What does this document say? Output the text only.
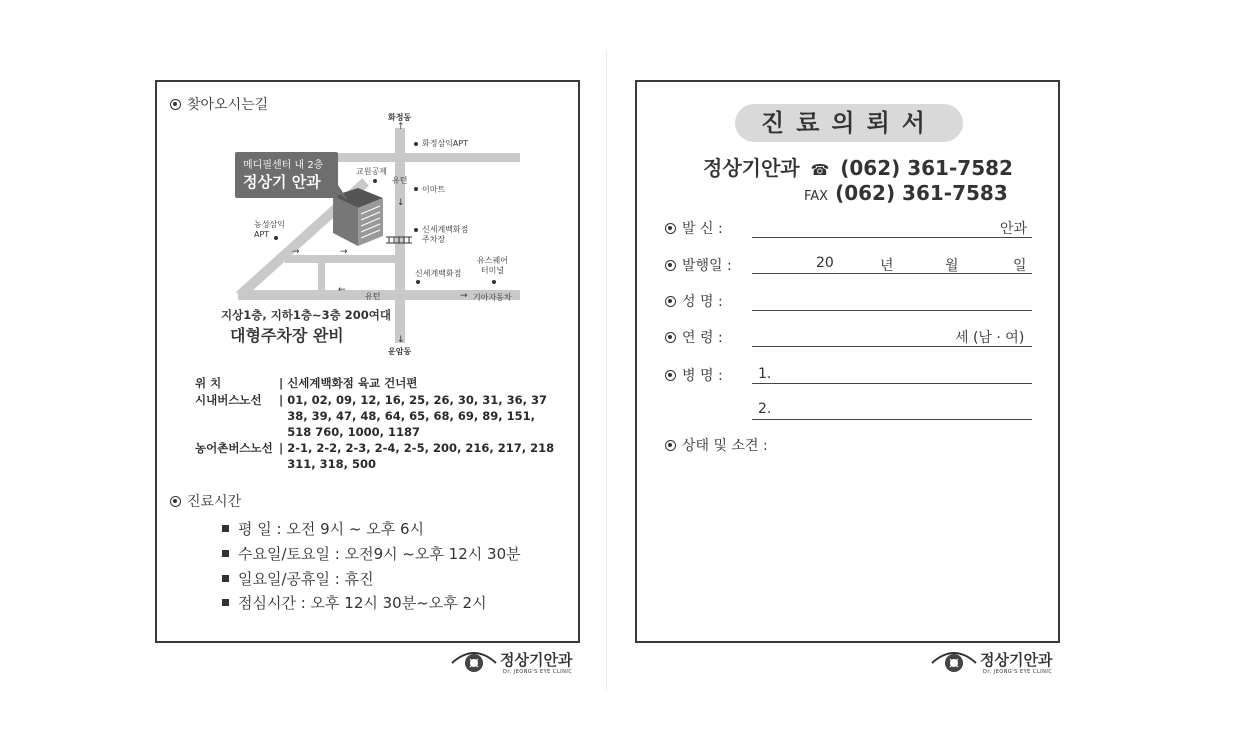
찾아오시는길
메디필센터 내 2층
정상기 안과
↑
↓
↓
→	→
←
→
화정동
화정삼익APT
교원공제
유턴
이마트
농성삼익
APT
신세계백화점
주차장
신세계백화점
유스퀘어
터미널
유턴	기아자동차
운암동
지상1층, 지하1층~3층 200여대
대형주차장 완비
위 치	| 신세계백화점 육교 건너편
시내버스노선 | 01, 02, 09, 12, 16, 25, 26, 30, 31, 36, 37 38, 39, 47, 48, 64, 65, 68, 69, 89, 151, 518 760, 1000, 1187
농어촌버스노선 | 2-1, 2-2, 2-3, 2-4, 2-5, 200, 216, 217, 218 311, 318, 500
진료시간
평 일 : 오전 9시 ~ 오후 6시
수요일/토요일 : 오전9시 ~오후 12시 30분
일요일/공휴일 : 휴진
점심시간 : 오후 12시 30분~오후 2시
진료의뢰서
정상기안과 ☎ (062) 361-7582
FAX (062) 361-7583
발 신 :	안과
발행일 :	20	년	월	일
성 명 :
연 령 :	세 (남 · 여)
병 명 :	1.
2.
상태 및 소견 :
정상기안과
Dr. JEONG'S EYE CLINIC
정상기안과
Dr. JEONG'S EYE CLINIC
